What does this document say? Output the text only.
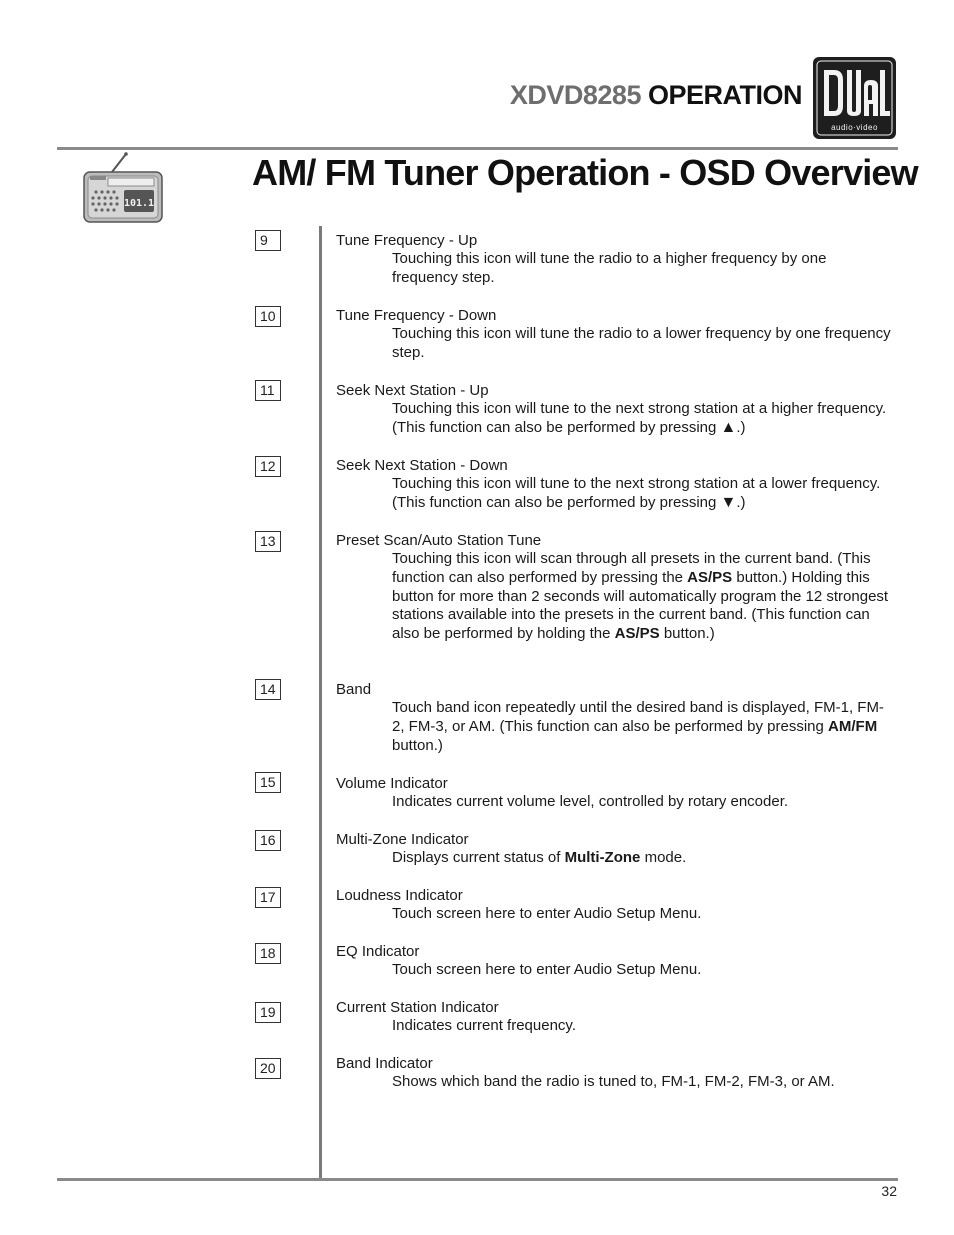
XDVD8285 OPERATION
audio·video
101.1
AM/ FM Tuner Operation - OSD Overview
9
10
11
12
13
14
15
16
17
18
19
20
Tune Frequency - Up
Touching this icon will tune the radio to a higher frequency by one frequency step.
Tune Frequency - Down
Touching this icon will tune the radio to a lower frequency by one frequency step.
Seek Next Station - Up
Touching this icon will tune to the next strong station at a higher frequency. (This function can also be performed by pressing ▲.)
Seek Next Station - Down
Touching this icon will tune to the next strong station at a lower frequency. (This function can also be performed by pressing ▼.)
Preset Scan/Auto Station Tune
Touching this icon will scan through all presets in the current band. (This function can also performed by pressing the AS/PS button.) Holding this button for more than 2 seconds will automatically program the 12 strongest stations available into the presets in the current band. (This function can also be performed by holding the AS/PS button.)
Band
Touch band icon repeatedly until the desired band is displayed, FM-1, FM-2, FM-3, or AM. (This function can also be performed by pressing AM/FM button.)
Volume Indicator
Indicates current volume level, controlled by rotary encoder.
Multi-Zone Indicator
Displays current status of Multi-Zone mode.
Loudness Indicator
Touch screen here to enter Audio Setup Menu.
EQ Indicator
Touch screen here to enter Audio Setup Menu.
Current Station Indicator
Indicates current frequency.
Band Indicator
Shows which band the radio is tuned to, FM-1, FM-2, FM-3, or AM.
32
